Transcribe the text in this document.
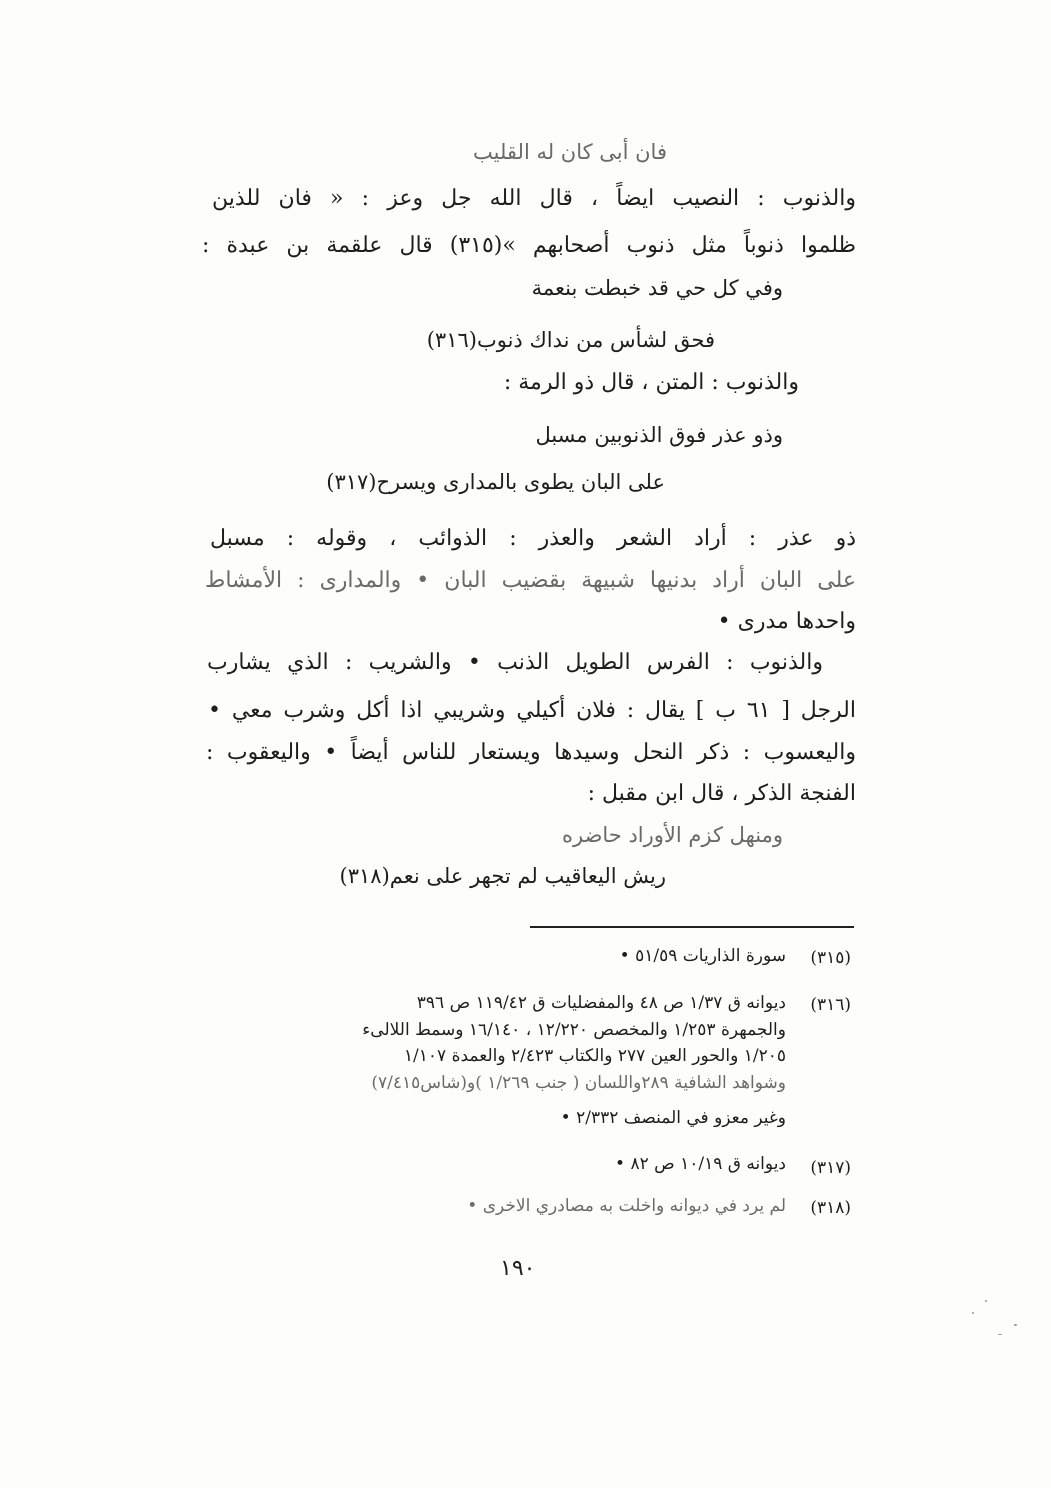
فان أبى كان له القليب
والذنوب : النصيب ايضاً ، قال الله جل وعز : « فان للذين
ظلموا ذنوباً مثل ذنوب أصحابهم »(٣١٥) قال علقمة بن عبدة :
وفي كل حي قد خبطت بنعمة
فحق لشأس من نداك ذنوب(٣١٦)
والذنوب : المتن ، قال ذو الرمة :
وذو عذر فوق الذنوبين مسبل
على البان يطوى بالمدارى ويسرح(٣١٧)
ذو عذر : أراد الشعر والعذر : الذوائب ، وقوله : مسبل
على البان أراد بدنيها شبيهة بقضيب البان • والمدارى : الأمشاط
واحدها مدرى •
والذنوب : الفرس الطويل الذنب • والشريب : الذي يشارب
الرجل [ ٦١ ب ] يقال : فلان أكيلي وشريبي اذا أكل وشرب معي •
واليعسوب : ذكر النحل وسيدها ويستعار للناس أيضاً • واليعقوب :
الفنجة الذكر ، قال ابن مقبل :
ومنهل كزم الأوراد حاضره
ريش اليعاقيب لم تجهر على نعم(٣١٨)
(٣١٥)
سورة الذاريات ٥١/٥٩ •
(٣١٦)
ديوانه ق ١/٣٧ ص ٤٨ والمفضليات ق ١١٩/٤٢ ص ٣٩٦
والجمهرة ١/٢٥٣ والمخصص ١٢/٢٢٠ ، ١٦/١٤٠ وسمط اللالىء
١/٢٠٥ والحور العين ٢٧٧ والكتاب ٢/٤٢٣ والعمدة ١/١٠٧
وشواهد الشافية ٢٨٩واللسان ( جنب ١/٢٦٩ )و(شاس٧/٤١٥)
وغير معزو في المنصف ٢/٣٣٢ •
(٣١٧)
ديوانه ق ١٠/١٩ ص ٨٢ •
(٣١٨)
لم يرد في ديوانه واخلت به مصادري الاخرى •
١٩٠
